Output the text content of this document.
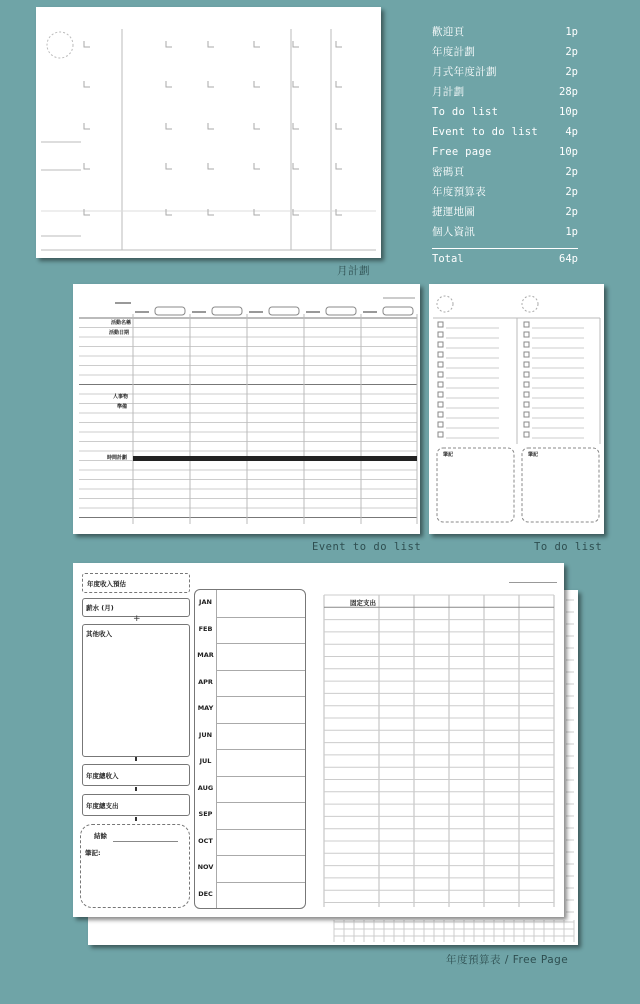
歡迎頁	1p
年度計劃	2p
月式年度計劃	2p
月計劃	28p
To do list	10p
Event to do list	4p
Free page	10p
密碼頁	2p
年度預算表	2p
捷運地圖	2p
個人資訊	1p
Total	64p
月計劃
活動名稱
活動日期
人事物
準備
時間計劃
Event to do list
筆記	筆記
To do list
年度收入預估
薪水 (月)
+
其他收入
年度總收入
年度總支出
結餘
筆記:
JAN
FEB
MAR
APR
MAY
JUN
JUL
AUG
SEP
OCT
NOV
DEC
固定支出
年度預算表 / Free Page
